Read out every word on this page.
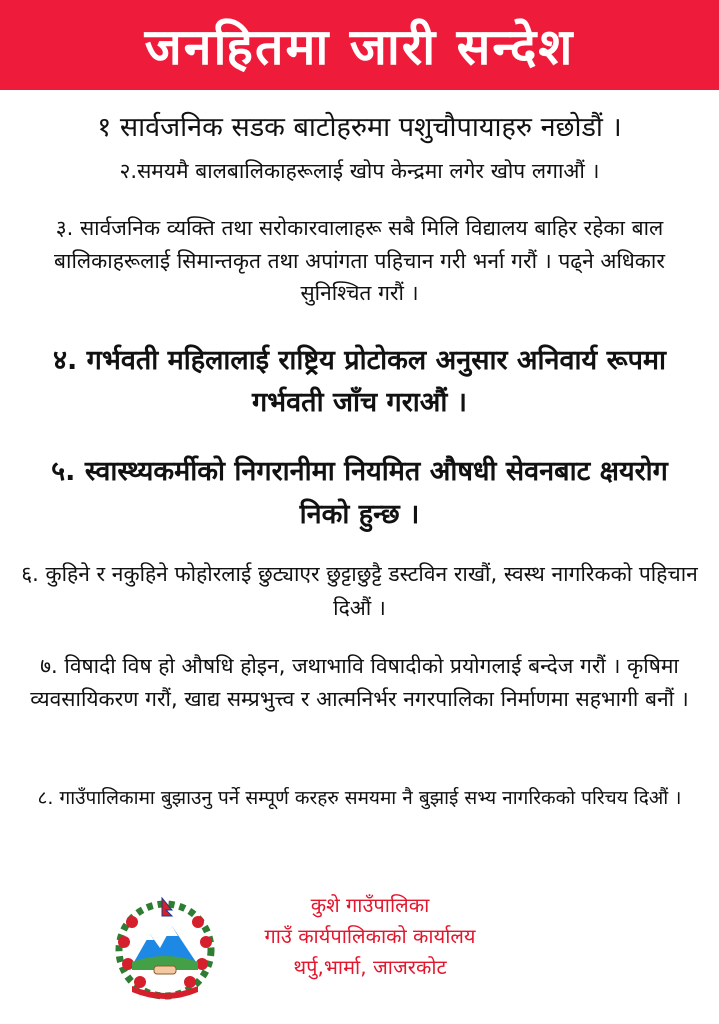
जनहितमा जारी सन्देश
१ सार्वजनिक सडक बाटोहरुमा पशुचौपायाहरु नछोडौं ।
२.समयमै बालबालिकाहरूलाई खोप केन्द्रमा लगेर खोप लगाऔं ।
३. सार्वजनिक व्यक्ति तथा सरोकारवालाहरू सबै मिलि विद्यालय बाहिर रहेका बाल बालिकाहरूलाई सिमान्तकृत तथा अपांगता पहिचान गरी भर्ना गरौं । पढ्ने अधिकार सुनिश्चित गरौं ।
४. गर्भवती महिलालाई राष्ट्रिय प्रोटोकल अनुसार अनिवार्य रूपमा गर्भवती जाँच गराऔं ।
५. स्वास्थ्यकर्मीको निगरानीमा नियमित औषधी सेवनबाट क्षयरोग निको हुन्छ ।
६. कुहिने र नकुहिने फोहोरलाई छुट्याएर छुट्टाछुट्टै डस्टविन राखौं, स्वस्थ नागरिकको पहिचान दिऔं ।
७. विषादी विष हो औषधि होइन, जथाभावि विषादीको प्रयोगलाई बन्देज गरौं । कृषिमा व्यवसायिकरण गरौं, खाद्य सम्प्रभुत्त्व र आत्मनिर्भर नगरपालिका निर्माणमा सहभागी बनौं ।
८. गाउँपालिकामा बुझाउनु पर्ने सम्पूर्ण करहरु समयमा नै बुझाई सभ्य नागरिकको परिचय दिऔं ।
कुशे गाउँपालिका
गाउँ कार्यपालिकाको कार्यालय
थर्पु,भार्मा, जाजरकोट
